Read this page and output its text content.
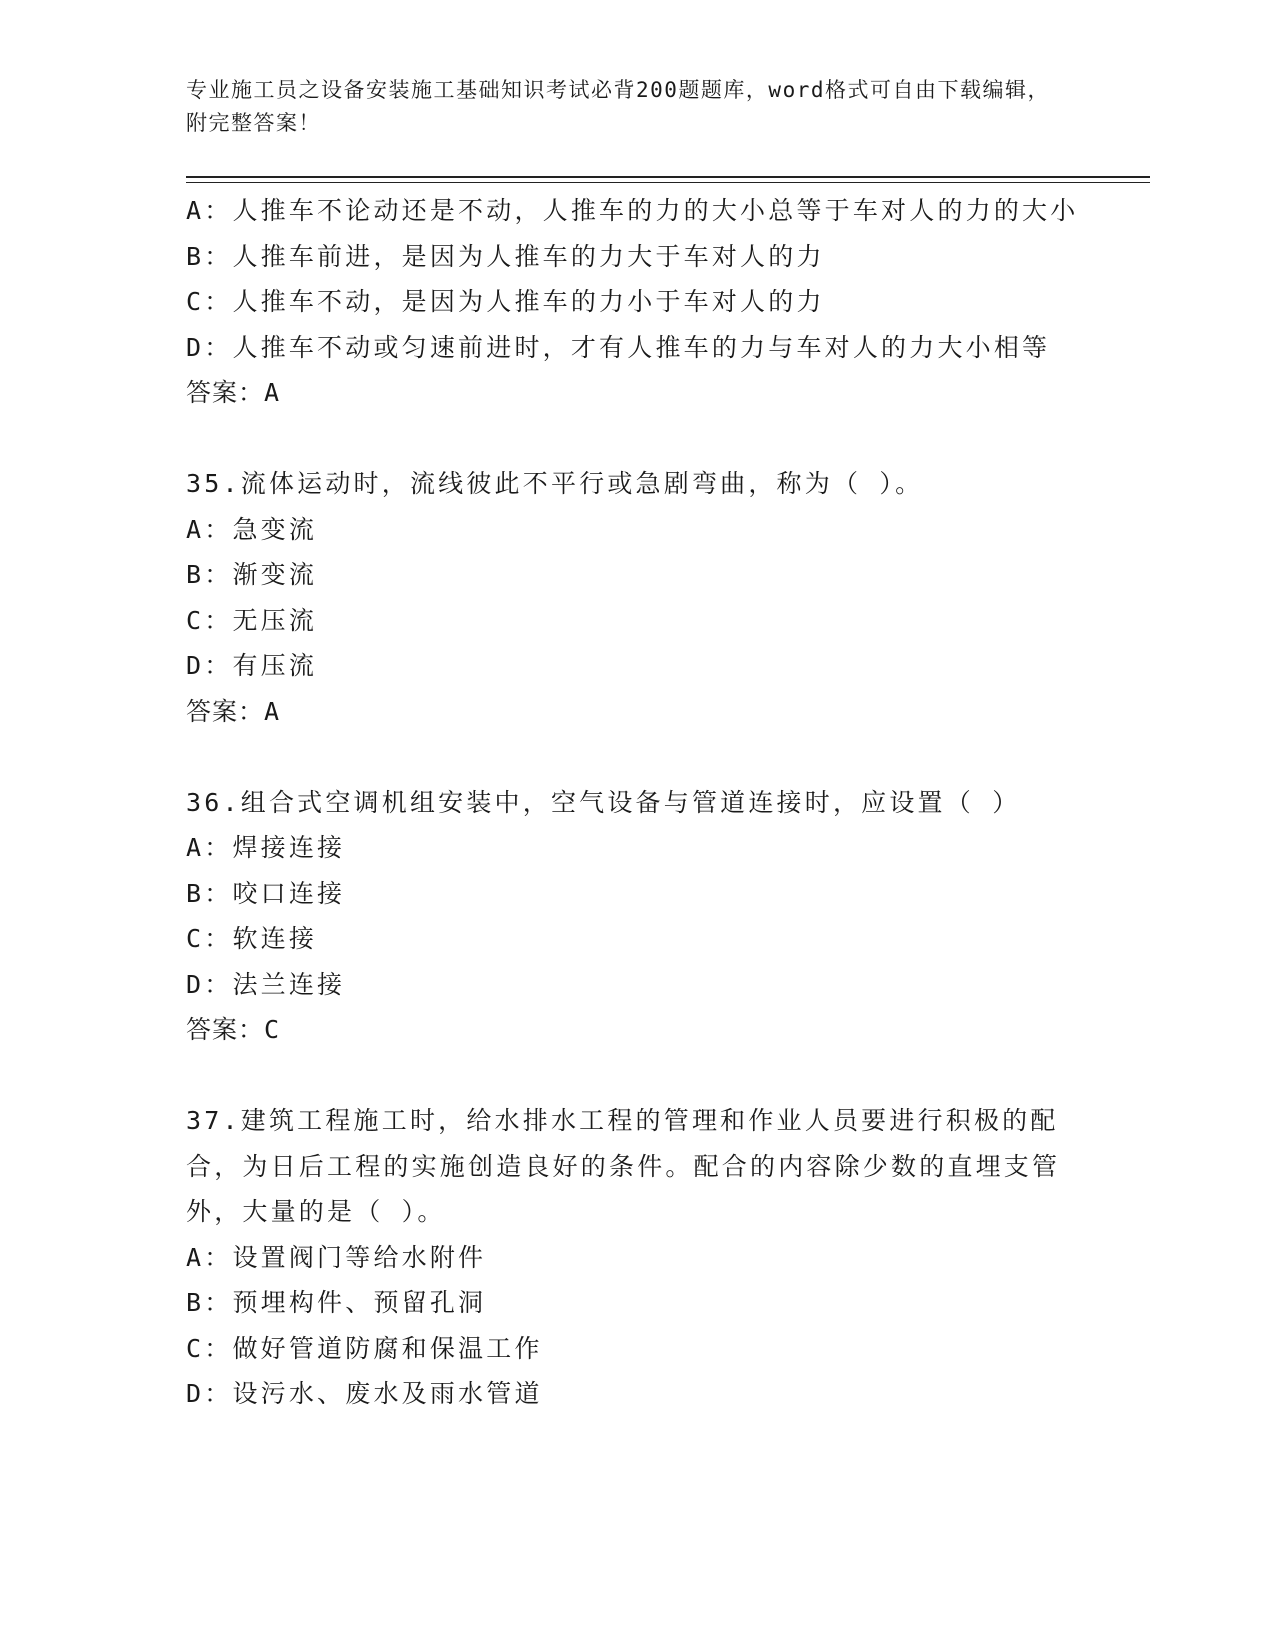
专业施工员之设备安装施工基础知识考试必背200题题库，word格式可自由下载编辑，附完整答案！
A：人推车不论动还是不动，人推车的力的大小总等于车对人的力的大小
B：人推车前进，是因为人推车的力大于车对人的力
C：人推车不动，是因为人推车的力小于车对人的力
D：人推车不动或匀速前进时，才有人推车的力与车对人的力大小相等
答案：A
35.流体运动时，流线彼此不平行或急剧弯曲，称为（ ）。
A：急变流
B：渐变流
C：无压流
D：有压流
答案：A
36.组合式空调机组安装中，空气设备与管道连接时，应设置（ ）
A：焊接连接
B：咬口连接
C：软连接
D：法兰连接
答案：C
37.建筑工程施工时，给水排水工程的管理和作业人员要进行积极的配合，为日后工程的实施创造良好的条件。配合的内容除少数的直埋支管外，大量的是（ ）。
A：设置阀门等给水附件
B：预埋构件、预留孔洞
C：做好管道防腐和保温工作
D：设污水、废水及雨水管道
